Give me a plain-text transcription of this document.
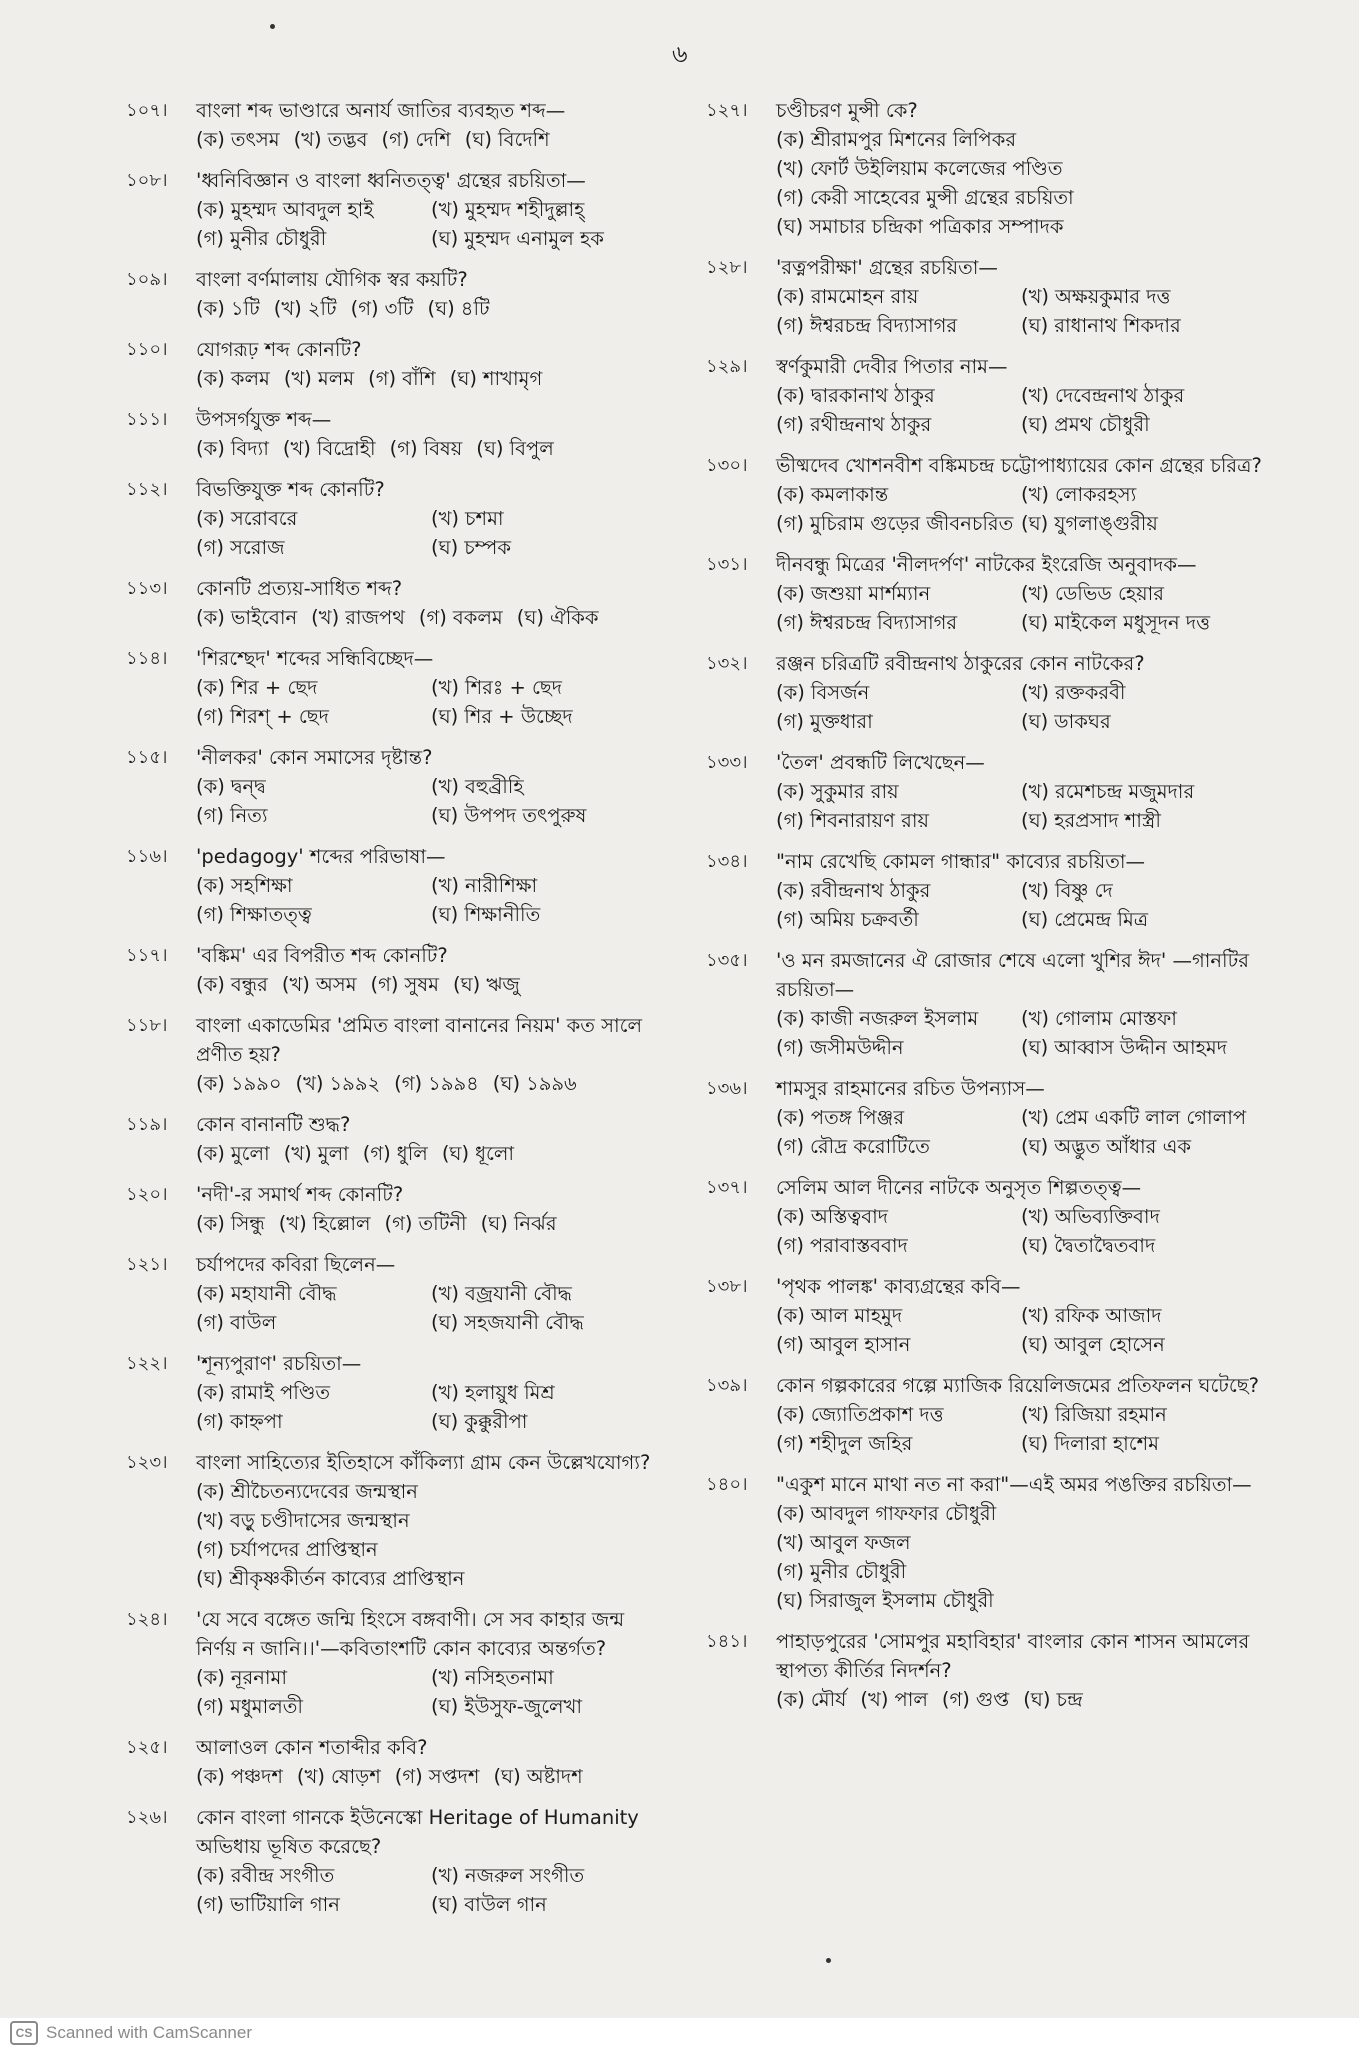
৬
১০৭।	বাংলা শব্দ ভাণ্ডারে অনার্য জাতির ব্যবহৃত শব্দ—
(ক) তৎসম (খ) তদ্ভব (গ) দেশি (ঘ) বিদেশি
১০৮।	'ধ্বনিবিজ্ঞান ও বাংলা ধ্বনিতত্ত্ব' গ্রন্থের রচয়িতা—
(ক) মুহম্মদ আবদুল হাই	(খ) মুহম্মদ শহীদুল্লাহ্
(গ) মুনীর চৌধুরী	(ঘ) মুহম্মদ এনামুল হক
১০৯।	বাংলা বর্ণমালায় যৌগিক স্বর কয়টি?
(ক) ১টি (খ) ২টি (গ) ৩টি (ঘ) ৪টি
১১০।	যোগরূঢ় শব্দ কোনটি?
(ক) কলম (খ) মলম (গ) বাঁশি (ঘ) শাখামৃগ
১১১।	উপসর্গযুক্ত শব্দ—
(ক) বিদ্যা (খ) বিদ্রোহী (গ) বিষয় (ঘ) বিপুল
১১২।	বিভক্তিযুক্ত শব্দ কোনটি?
(ক) সরোবরে	(খ) চশমা
(গ) সরোজ	(ঘ) চম্পক
১১৩।	কোনটি প্রত্যয়-সাধিত শব্দ?
(ক) ভাইবোন (খ) রাজপথ (গ) বকলম (ঘ) ঐকিক
১১৪।	'শিরশ্ছেদ' শব্দের সন্ধিবিচ্ছেদ—
(ক) শির + ছেদ	(খ) শিরঃ + ছেদ
(গ) শিরশ্ + ছেদ	(ঘ) শির + উচ্ছেদ
১১৫।	'নীলকর' কোন সমাসের দৃষ্টান্ত?
(ক) দ্বন্দ্ব	(খ) বহুব্রীহি
(গ) নিত্য	(ঘ) উপপদ তৎপুরুষ
১১৬।	'pedagogy' শব্দের পরিভাষা—
(ক) সহশিক্ষা	(খ) নারীশিক্ষা
(গ) শিক্ষাতত্ত্ব	(ঘ) শিক্ষানীতি
১১৭।	'বঙ্কিম' এর বিপরীত শব্দ কোনটি?
(ক) বন্ধুর (খ) অসম (গ) সুষম (ঘ) ঋজু
১১৮।	বাংলা একাডেমির 'প্রমিত বাংলা বানানের নিয়ম' কত সালে প্রণীত হয়?
(ক) ১৯৯০ (খ) ১৯৯২ (গ) ১৯৯৪ (ঘ) ১৯৯৬
১১৯।	কোন বানানটি শুদ্ধ?
(ক) মুলো (খ) মুলা (গ) ধুলি (ঘ) ধূলো
১২০।	'নদী'-র সমার্থ শব্দ কোনটি?
(ক) সিন্ধু (খ) হিল্লোল (গ) তটিনী (ঘ) নির্ঝর
১২১।	চর্যাপদের কবিরা ছিলেন—
(ক) মহাযানী বৌদ্ধ	(খ) বজ্রযানী বৌদ্ধ
(গ) বাউল	(ঘ) সহজযানী বৌদ্ধ
১২২।	'শূন্যপুরাণ' রচয়িতা—
(ক) রামাই পণ্ডিত	(খ) হলায়ুধ মিশ্র
(গ) কাহ্নপা	(ঘ) কুক্কুরীপা
১২৩।	বাংলা সাহিত্যের ইতিহাসে কাঁকিল্যা গ্রাম কেন উল্লেখযোগ্য?
(ক) শ্রীচৈতন্যদেবের জন্মস্থান
(খ) বড়ু চণ্ডীদাসের জন্মস্থান
(গ) চর্যাপদের প্রাপ্তিস্থান
(ঘ) শ্রীকৃষ্ণকীর্তন কাব্যের প্রাপ্তিস্থান
১২৪।	'যে সবে বঙ্গেত জন্মি হিংসে বঙ্গবাণী। সে সব কাহার জন্ম নির্ণয় ন জানি।।'—কবিতাংশটি কোন কাব্যের অন্তর্গত?
(ক) নূরনামা	(খ) নসিহতনামা
(গ) মধুমালতী	(ঘ) ইউসুফ-জুলেখা
১২৫।	আলাওল কোন শতাব্দীর কবি?
(ক) পঞ্চদশ (খ) ষোড়শ (গ) সপ্তদশ (ঘ) অষ্টাদশ
১২৬।	কোন বাংলা গানকে ইউনেস্কো Heritage of Humanity অভিধায় ভূষিত করেছে?
(ক) রবীন্দ্র সংগীত	(খ) নজরুল সংগীত
(গ) ভাটিয়ালি গান	(ঘ) বাউল গান
১২৭।	চণ্ডীচরণ মুন্সী কে?
(ক) শ্রীরামপুর মিশনের লিপিকর
(খ) ফোর্ট উইলিয়াম কলেজের পণ্ডিত
(গ) কেরী সাহেবের মুন্সী গ্রন্থের রচয়িতা
(ঘ) সমাচার চন্দ্রিকা পত্রিকার সম্পাদক
১২৮।	'রত্নপরীক্ষা' গ্রন্থের রচয়িতা—
(ক) রামমোহন রায়	(খ) অক্ষয়কুমার দত্ত
(গ) ঈশ্বরচন্দ্র বিদ্যাসাগর	(ঘ) রাধানাথ শিকদার
১২৯।	স্বর্ণকুমারী দেবীর পিতার নাম—
(ক) দ্বারকানাথ ঠাকুর	(খ) দেবেন্দ্রনাথ ঠাকুর
(গ) রথীন্দ্রনাথ ঠাকুর	(ঘ) প্রমথ চৌধুরী
১৩০।	ভীষ্মদেব খোশনবীশ বঙ্কিমচন্দ্র চট্টোপাধ্যায়ের কোন গ্রন্থের চরিত্র?
(ক) কমলাকান্ত	(খ) লোকরহস্য
(গ) মুচিরাম গুড়ের জীবনচরিত (ঘ) যুগলাঙ্গুরীয়
১৩১।	দীনবন্ধু মিত্রের 'নীলদর্পণ' নাটকের ইংরেজি অনুবাদক—
(ক) জশুয়া মার্শম্যান	(খ) ডেভিড হেয়ার
(গ) ঈশ্বরচন্দ্র বিদ্যাসাগর	(ঘ) মাইকেল মধুসূদন দত্ত
১৩২।	রঞ্জন চরিত্রটি রবীন্দ্রনাথ ঠাকুরের কোন নাটকের?
(ক) বিসর্জন	(খ) রক্তকরবী
(গ) মুক্তধারা	(ঘ) ডাকঘর
১৩৩।	'তৈল' প্রবন্ধটি লিখেছেন—
(ক) সুকুমার রায়	(খ) রমেশচন্দ্র মজুমদার
(গ) শিবনারায়ণ রায়	(ঘ) হরপ্রসাদ শাস্ত্রী
১৩৪।	"নাম রেখেছি কোমল গান্ধার" কাব্যের রচয়িতা—
(ক) রবীন্দ্রনাথ ঠাকুর	(খ) বিষ্ণু দে
(গ) অমিয় চক্রবর্তী	(ঘ) প্রেমেন্দ্র মিত্র
১৩৫।	'ও মন রমজানের ঐ রোজার শেষে এলো খুশির ঈদ' —গানটির রচয়িতা—
(ক) কাজী নজরুল ইসলাম	(খ) গোলাম মোস্তফা
(গ) জসীমউদ্দীন	(ঘ) আব্বাস উদ্দীন আহমদ
১৩৬।	শামসুর রাহমানের রচিত উপন্যাস—
(ক) পতঙ্গ পিঞ্জর	(খ) প্রেম একটি লাল গোলাপ
(গ) রৌদ্র করোটিতে	(ঘ) অদ্ভুত আঁধার এক
১৩৭।	সেলিম আল দীনের নাটকে অনুসৃত শিল্পতত্ত্ব—
(ক) অস্তিত্ববাদ	(খ) অভিব্যক্তিবাদ
(গ) পরাবাস্তববাদ	(ঘ) দ্বৈতাদ্বৈতবাদ
১৩৮।	'পৃথক পালঙ্ক' কাব্যগ্রন্থের কবি—
(ক) আল মাহমুদ	(খ) রফিক আজাদ
(গ) আবুল হাসান	(ঘ) আবুল হোসেন
১৩৯।	কোন গল্পকারের গল্পে ম্যাজিক রিয়েলিজমের প্রতিফলন ঘটেছে?
(ক) জ্যোতিপ্রকাশ দত্ত	(খ) রিজিয়া রহমান
(গ) শহীদুল জহির	(ঘ) দিলারা হাশেম
১৪০।	"একুশ মানে মাথা নত না করা"—এই অমর পঙক্তির রচয়িতা—
(ক) আবদুল গাফফার চৌধুরী
(খ) আবুল ফজল
(গ) মুনীর চৌধুরী
(ঘ) সিরাজুল ইসলাম চৌধুরী
১৪১।	পাহাড়পুরের 'সোমপুর মহাবিহার' বাংলার কোন শাসন আমলের স্থাপত্য কীর্তির নিদর্শন?
(ক) মৌর্য (খ) পাল (গ) গুপ্ত (ঘ) চন্দ্র
CS Scanned with CamScanner
